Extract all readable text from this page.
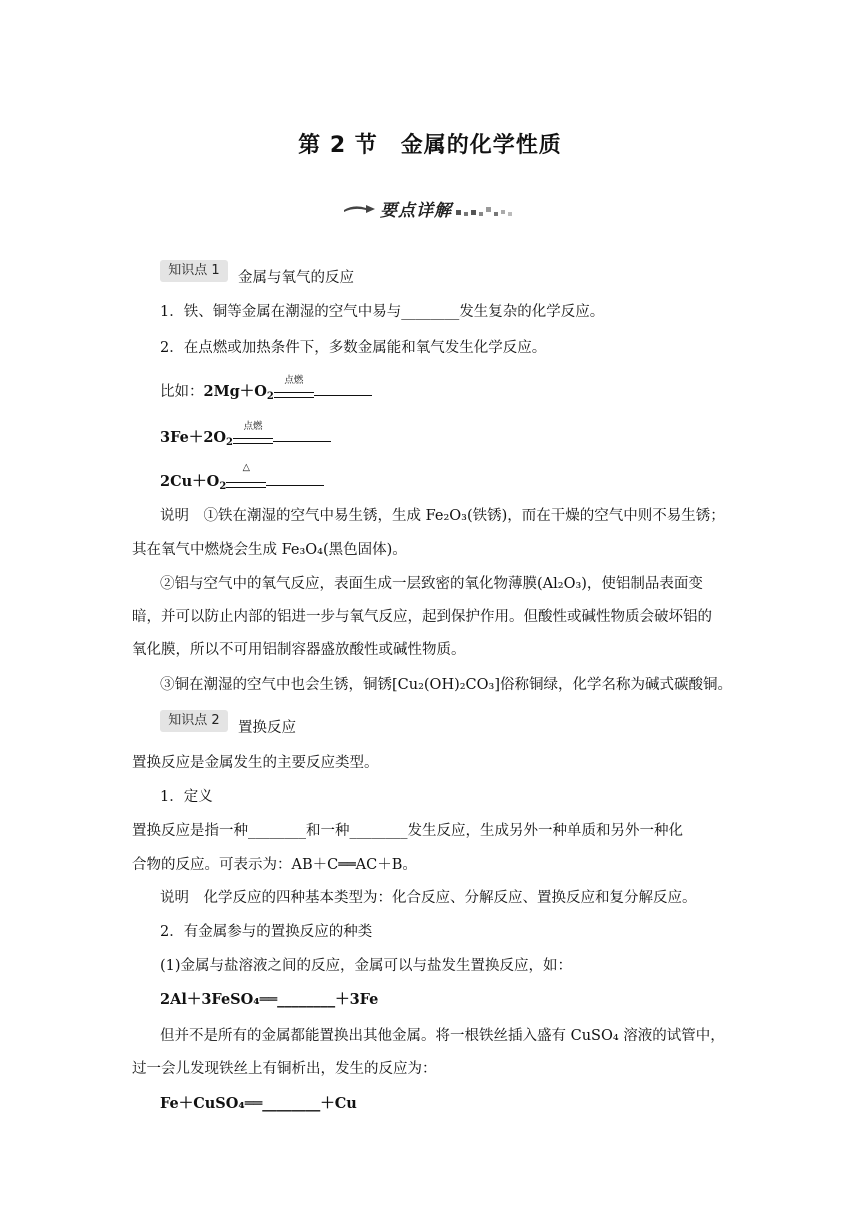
第 2 节　金属的化学性质
要点详解
知识点 1	金属与氧气的反应
1．铁、铜等金属在潮湿的空气中易与________发生复杂的化学反应。
2．在点燃或加热条件下，多数金属能和氧气发生化学反应。
比如：$2Mg+O_2$
点燃
$3Fe+2O_2$
点燃
$2Cu+O_2$
△
说明　①铁在潮湿的空气中易生锈，生成 Fe₂O₃(铁锈)，而在干燥的空气中则不易生锈；
其在氧气中燃烧会生成 Fe₃O₄(黑色固体)。
②铝与空气中的氧气反应，表面生成一层致密的氧化物薄膜(Al₂O₃)，使铝制品表面变
暗，并可以防止内部的铝进一步与氧气反应，起到保护作用。但酸性或碱性物质会破坏铝的
氧化膜，所以不可用铝制容器盛放酸性或碱性物质。
③铜在潮湿的空气中也会生锈，铜锈[Cu₂(OH)₂CO₃]俗称铜绿，化学名称为碱式碳酸铜。
知识点 2	置换反应
置换反应是金属发生的主要反应类型。
1．定义
置换反应是指一种________和一种________发生反应，生成另外一种单质和另外一种化
合物的反应。可表示为：AB＋C══AC＋B。
说明　化学反应的四种基本类型为：化合反应、分解反应、置换反应和复分解反应。
2．有金属参与的置换反应的种类
(1)金属与盐溶液之间的反应，金属可以与盐发生置换反应，如：
2Al＋3FeSO₄══________＋3Fe
但并不是所有的金属都能置换出其他金属。将一根铁丝插入盛有 CuSO₄ 溶液的试管中，
过一会儿发现铁丝上有铜析出，发生的反应为：
Fe＋CuSO₄══________＋Cu
